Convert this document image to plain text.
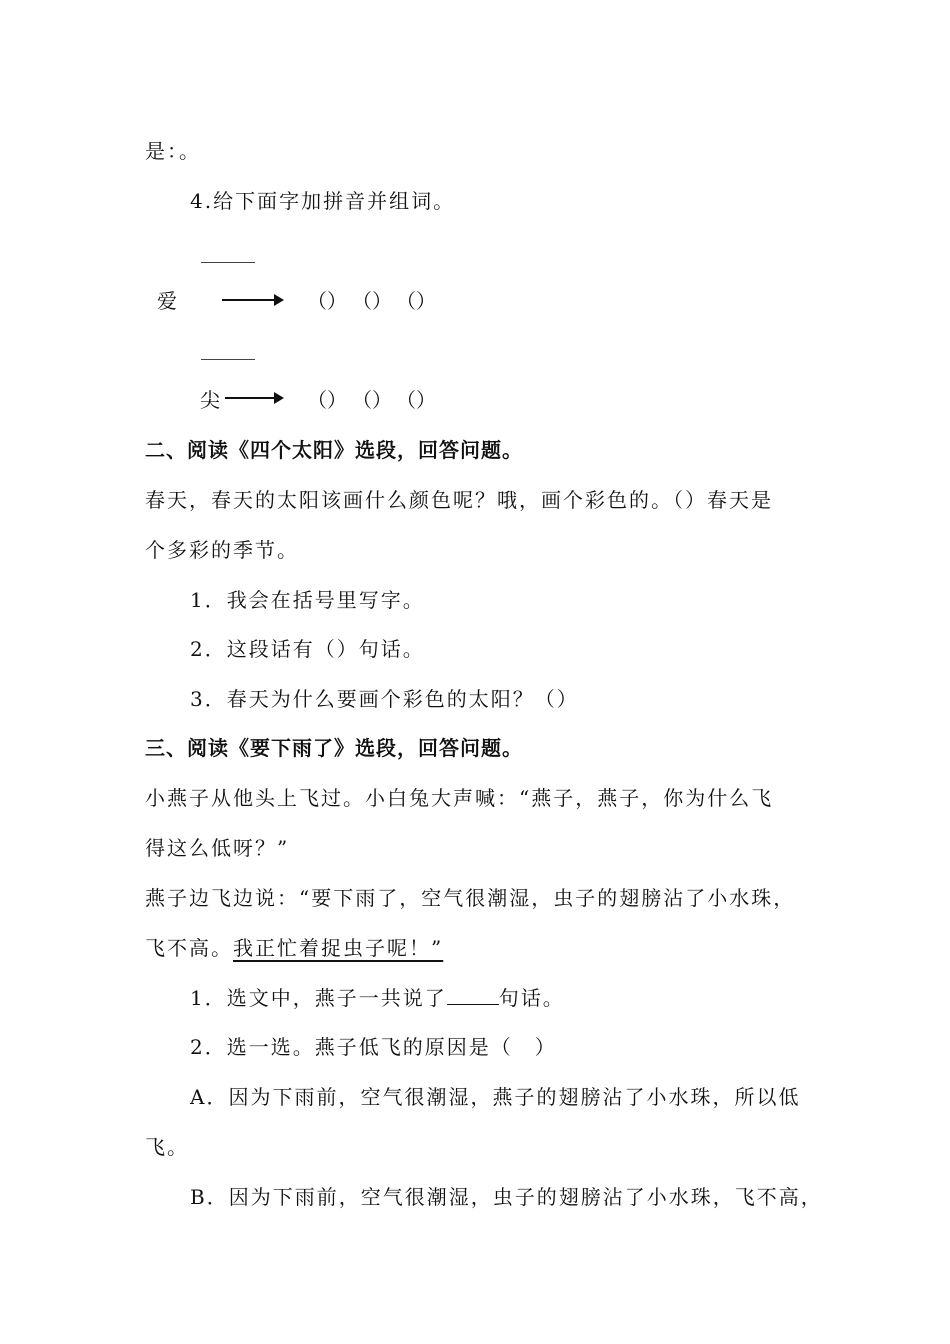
是：。
4.给下面字加拼音并组词。
爱	（） （） （）
尖	（） （） （）
二、阅读《四个太阳》选段，回答问题。
春天，春天的太阳该画什么颜色呢？哦，画个彩色的。（）春天是
个多彩的季节。
1．我会在括号里写字。
2．这段话有（）句话。
3．春天为什么要画个彩色的太阳？（）
三、阅读《要下雨了》选段，回答问题。
小燕子从他头上飞过。小白兔大声喊：“燕子，燕子，你为什么飞
得这么低呀？”
燕子边飞边说：“要下雨了，空气很潮湿，虫子的翅膀沾了小水珠，
飞不高。我正忙着捉虫子呢！”
1．选文中，燕子一共说了	句话。
2．选一选。燕子低飞的原因是（　）
A．因为下雨前，空气很潮湿，燕子的翅膀沾了小水珠，所以低
飞。
B．因为下雨前，空气很潮湿，虫子的翅膀沾了小水珠，飞不高，
